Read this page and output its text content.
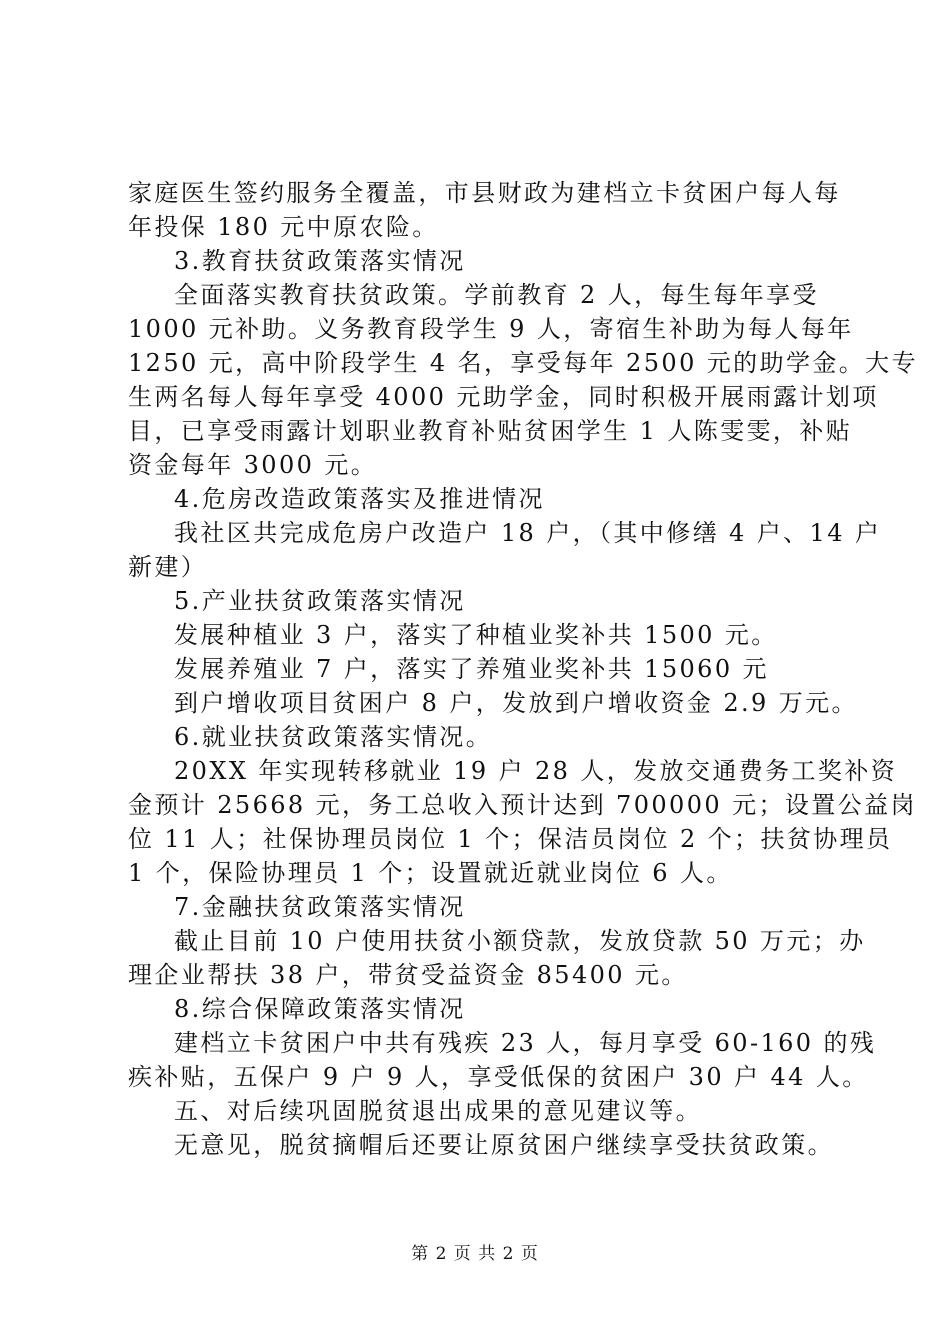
家庭医生签约服务全覆盖，市县财政为建档立卡贫困户每人每
年投保 180 元中原农险。
3.教育扶贫政策落实情况
全面落实教育扶贫政策。学前教育 2 人，每生每年享受
1000 元补助。义务教育段学生 9 人，寄宿生补助为每人每年
1250 元，高中阶段学生 4 名，享受每年 2500 元的助学金。大专
生两名每人每年享受 4000 元助学金，同时积极开展雨露计划项
目，已享受雨露计划职业教育补贴贫困学生 1 人陈雯雯，补贴
资金每年 3000 元。
4.危房改造政策落实及推进情况
我社区共完成危房户改造户 18 户，（其中修缮 4 户、14 户
新建）
5.产业扶贫政策落实情况
发展种植业 3 户，落实了种植业奖补共 1500 元。
发展养殖业 7 户，落实了养殖业奖补共 15060 元
到户增收项目贫困户 8 户，发放到户增收资金 2.9 万元。
6.就业扶贫政策落实情况。
20XX 年实现转移就业 19 户 28 人，发放交通费务工奖补资
金预计 25668 元，务工总收入预计达到 700000 元；设置公益岗
位 11 人；社保协理员岗位 1 个；保洁员岗位 2 个；扶贫协理员
1 个，保险协理员 1 个；设置就近就业岗位 6 人。
7.金融扶贫政策落实情况
截止目前 10 户使用扶贫小额贷款，发放贷款 50 万元；办
理企业帮扶 38 户，带贫受益资金 85400 元。
8.综合保障政策落实情况
建档立卡贫困户中共有残疾 23 人，每月享受 60-160 的残
疾补贴，五保户 9 户 9 人，享受低保的贫困户 30 户 44 人。
五、对后续巩固脱贫退出成果的意见建议等。
无意见，脱贫摘帽后还要让原贫困户继续享受扶贫政策。
第 2 页 共 2 页
